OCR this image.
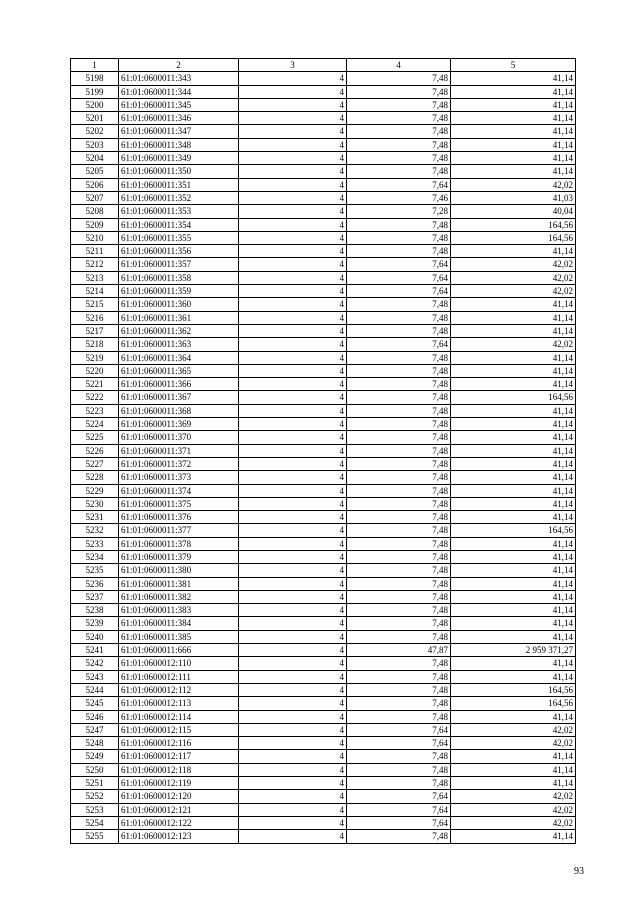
1	2	3	4	5
5198	61:01:0600011:343	4	7,48	41,14
5199	61:01:0600011:344	4	7,48	41,14
5200	61:01:0600011:345	4	7,48	41,14
5201	61:01:0600011:346	4	7,48	41,14
5202	61:01:0600011:347	4	7,48	41,14
5203	61:01:0600011:348	4	7,48	41,14
5204	61:01:0600011:349	4	7,48	41,14
5205	61:01:0600011:350	4	7,48	41,14
5206	61:01:0600011:351	4	7,64	42,02
5207	61:01:0600011:352	4	7,46	41,03
5208	61:01:0600011:353	4	7,28	40,04
5209	61:01:0600011:354	4	7,48	164,56
5210	61:01:0600011:355	4	7,48	164,56
5211	61:01:0600011:356	4	7,48	41,14
5212	61:01:0600011:357	4	7,64	42,02
5213	61:01:0600011:358	4	7,64	42,02
5214	61:01:0600011:359	4	7,64	42,02
5215	61:01:0600011:360	4	7,48	41,14
5216	61:01:0600011:361	4	7,48	41,14
5217	61:01:0600011:362	4	7,48	41,14
5218	61:01:0600011:363	4	7,64	42,02
5219	61:01:0600011:364	4	7,48	41,14
5220	61:01:0600011:365	4	7,48	41,14
5221	61:01:0600011:366	4	7,48	41,14
5222	61:01:0600011:367	4	7,48	164,56
5223	61:01:0600011:368	4	7,48	41,14
5224	61:01:0600011:369	4	7,48	41,14
5225	61:01:0600011:370	4	7,48	41,14
5226	61:01:0600011:371	4	7,48	41,14
5227	61:01:0600011:372	4	7,48	41,14
5228	61:01:0600011:373	4	7,48	41,14
5229	61:01:0600011:374	4	7,48	41,14
5230	61:01:0600011:375	4	7,48	41,14
5231	61:01:0600011:376	4	7,48	41,14
5232	61:01:0600011:377	4	7,48	164,56
5233	61:01:0600011:378	4	7,48	41,14
5234	61:01:0600011:379	4	7,48	41,14
5235	61:01:0600011:380	4	7,48	41,14
5236	61:01:0600011:381	4	7,48	41,14
5237	61:01:0600011:382	4	7,48	41,14
5238	61:01:0600011:383	4	7,48	41,14
5239	61:01:0600011:384	4	7,48	41,14
5240	61:01:0600011:385	4	7,48	41,14
5241	61:01:0600011:666	4	47,87	2 959 371,27
5242	61:01:0600012:110	4	7,48	41,14
5243	61:01:0600012:111	4	7,48	41,14
5244	61:01:0600012:112	4	7,48	164,56
5245	61:01:0600012:113	4	7,48	164,56
5246	61:01:0600012:114	4	7,48	41,14
5247	61:01:0600012:115	4	7,64	42,02
5248	61:01:0600012:116	4	7,64	42,02
5249	61:01:0600012:117	4	7,48	41,14
5250	61:01:0600012:118	4	7,48	41,14
5251	61:01:0600012:119	4	7,48	41,14
5252	61:01:0600012:120	4	7,64	42,02
5253	61:01:0600012:121	4	7,64	42,02
5254	61:01:0600012:122	4	7,64	42,02
5255	61:01:0600012:123	4	7,48	41,14
93
